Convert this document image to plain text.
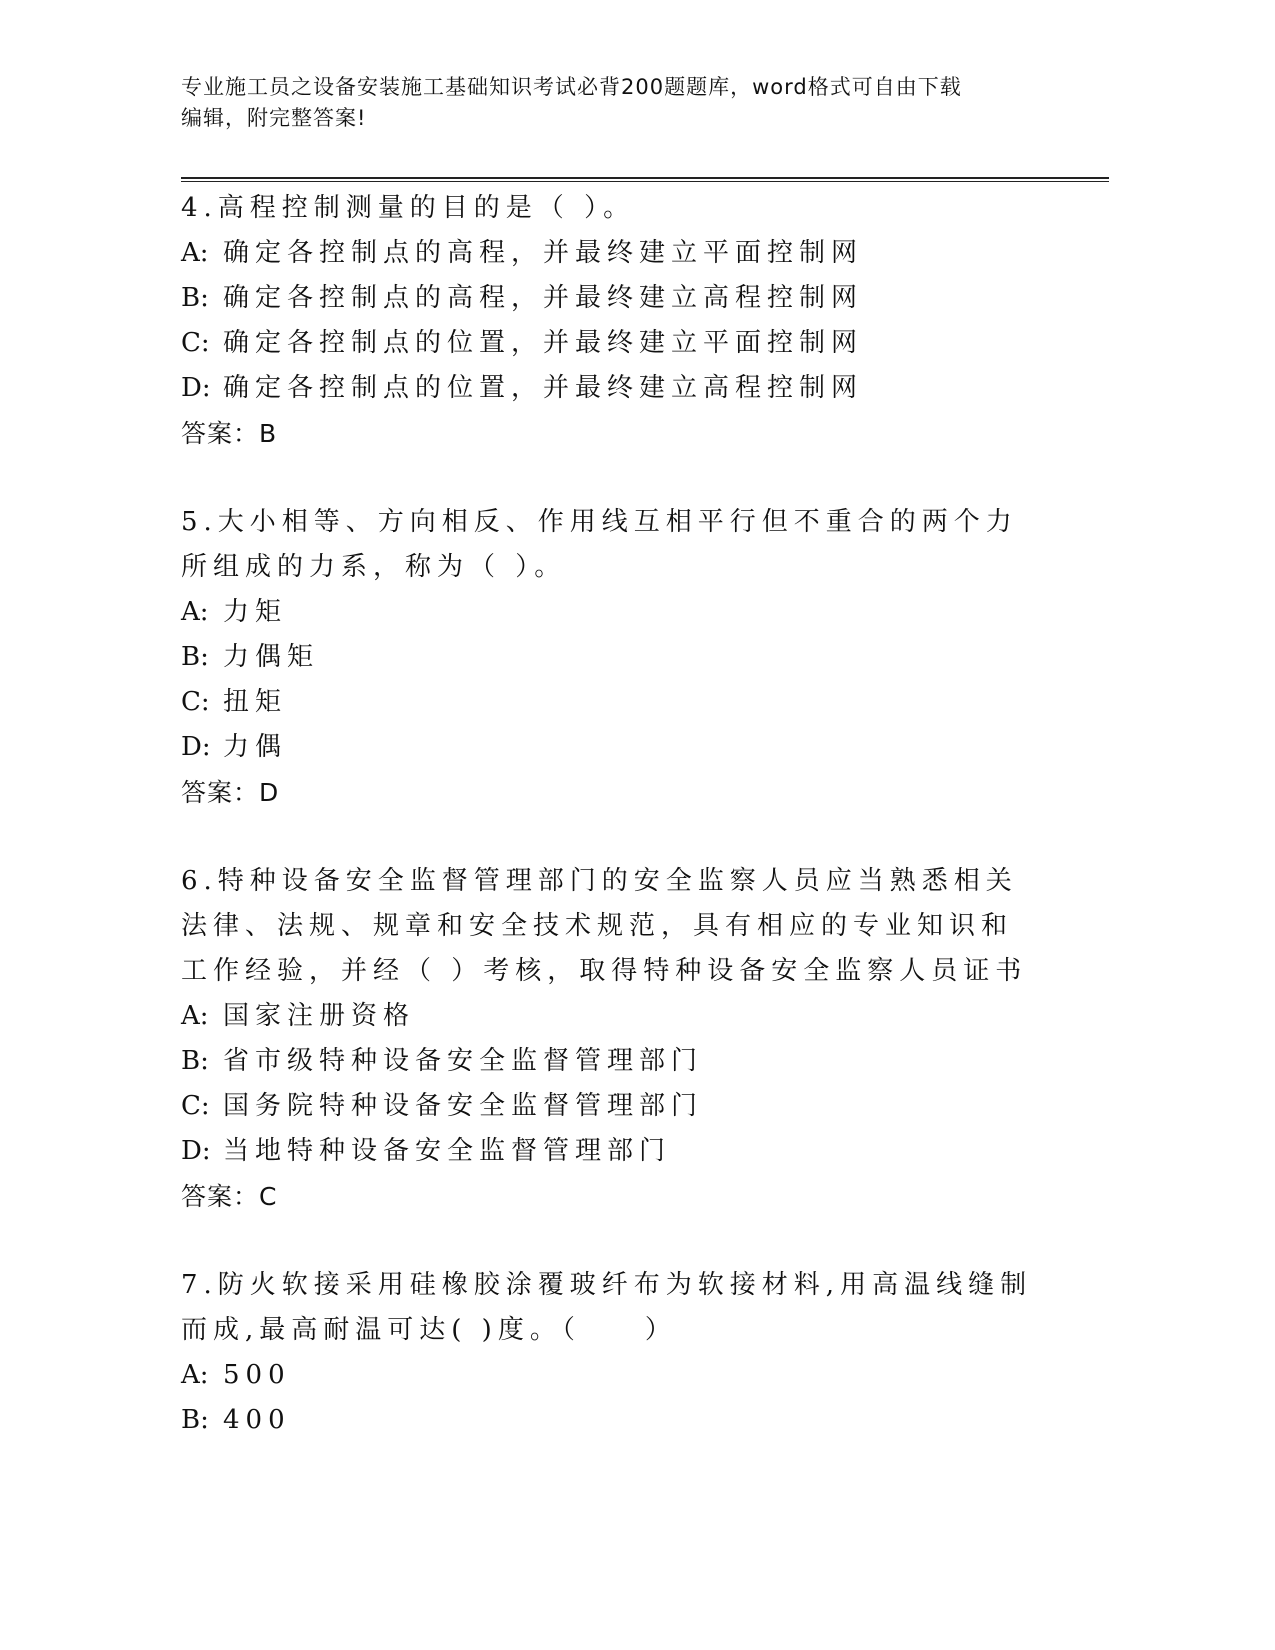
专业施工员之设备安装施工基础知识考试必背200题题库，word格式可自由下载
编辑，附完整答案!
4.高程控制测量的目的是（ ）。
A: 确定各控制点的高程，并最终建立平面控制网
B: 确定各控制点的高程，并最终建立高程控制网
C: 确定各控制点的位置，并最终建立平面控制网
D: 确定各控制点的位置，并最终建立高程控制网
答案：B
5.大小相等、方向相反、作用线互相平行但不重合的两个力所组成的力系，称为（ ）。
A: 力矩
B: 力偶矩
C: 扭矩
D: 力偶
答案：D
6.特种设备安全监督管理部门的安全监察人员应当熟悉相关法律、法规、规章和安全技术规范，具有相应的专业知识和工作经验，并经（ ）考核，取得特种设备安全监察人员证书
A: 国家注册资格
B: 省市级特种设备安全监督管理部门
C: 国务院特种设备安全监督管理部门
D: 当地特种设备安全监督管理部门
答案：C
7.防火软接采用硅橡胶涂覆玻纤布为软接材料,用高温线缝制而成,最高耐温可达( )度。（　　）
A: 500
B: 400
